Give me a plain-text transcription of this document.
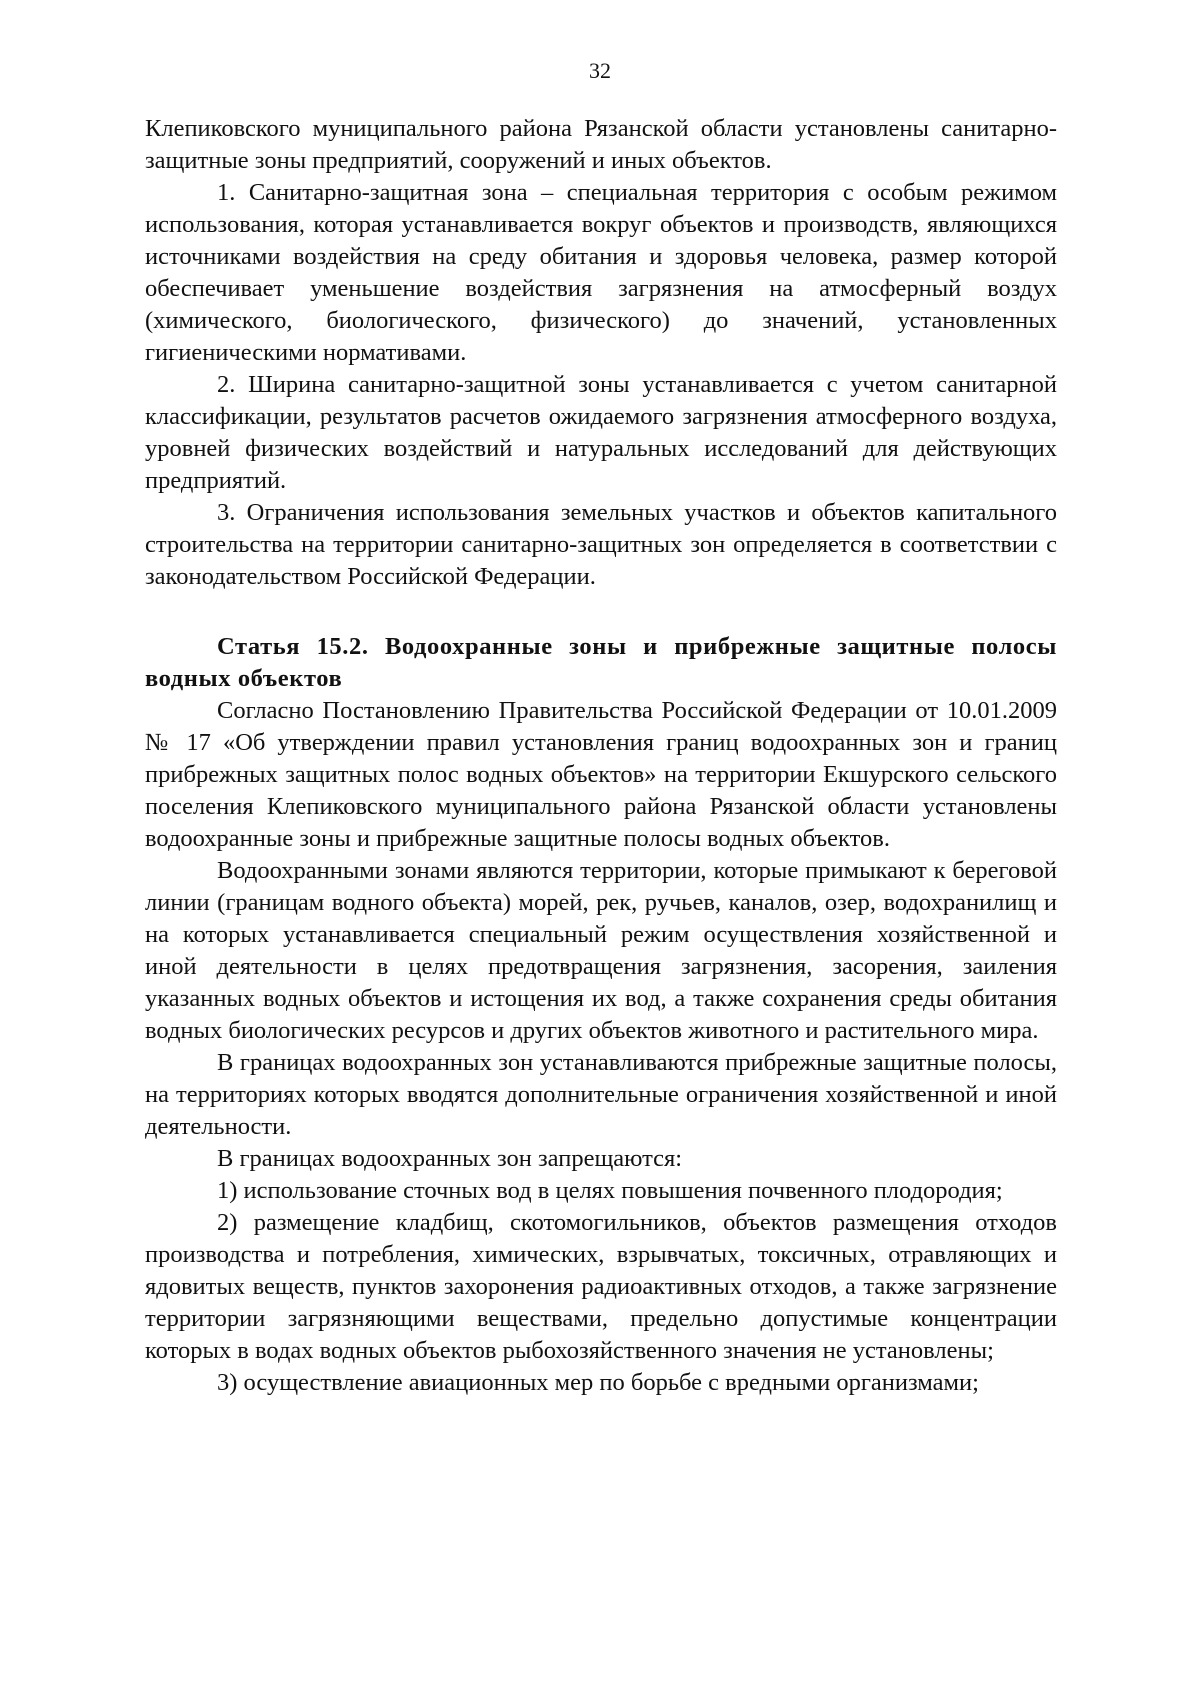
32

Клепиковского муниципального района Рязанской области установлены санитарно-защитные зоны предприятий, сооружений и иных объектов.

1. Санитарно-защитная зона – специальная территория с особым режимом использования, которая устанавливается вокруг объектов и производств, являющихся источниками воздействия на среду обитания и здоровья человека, размер которой обеспечивает уменьшение воздействия загрязнения на атмосферный воздух (химического, биологического, физического) до значений, установленных гигиеническими нормативами.

2. Ширина санитарно-защитной зоны устанавливается с учетом санитарной классификации, результатов расчетов ожидаемого загрязнения атмосферного воздуха, уровней физических воздействий и натуральных исследований для действующих предприятий.

3. Ограничения использования земельных участков и объектов капитального строительства на территории санитарно-защитных зон определяется в соответствии с законодательством Российской Федерации.

Статья 15.2. Водоохранные зоны и прибрежные защитные полосы водных объектов

Согласно Постановлению Правительства Российской Федерации от 10.01.2009 № 17 «Об утверждении правил установления границ водоохранных зон и границ прибрежных защитных полос водных объектов» на территории Екшурского сельского поселения Клепиковского муниципального района Рязанской области установлены водоохранные зоны и прибрежные защитные полосы водных объектов.

Водоохранными зонами являются территории, которые примыкают к береговой линии (границам водного объекта) морей, рек, ручьев, каналов, озер, водохранилищ и на которых устанавливается специальный режим осуществления хозяйственной и иной деятельности в целях предотвращения загрязнения, засорения, заиления указанных водных объектов и истощения их вод, а также сохранения среды обитания водных биологических ресурсов и других объектов животного и растительного мира.

В границах водоохранных зон устанавливаются прибрежные защитные полосы, на территориях которых вводятся дополнительные ограничения хозяйственной и иной деятельности.

В границах водоохранных зон запрещаются:

1) использование сточных вод в целях повышения почвенного плодородия;

2) размещение кладбищ, скотомогильников, объектов размещения отходов производства и потребления, химических, взрывчатых, токсичных, отравляющих и ядовитых веществ, пунктов захоронения радиоактивных отходов, а также загрязнение территории загрязняющими веществами, предельно допустимые концентрации которых в водах водных объектов рыбохозяйственного значения не установлены;

3) осуществление авиационных мер по борьбе с вредными организмами;
